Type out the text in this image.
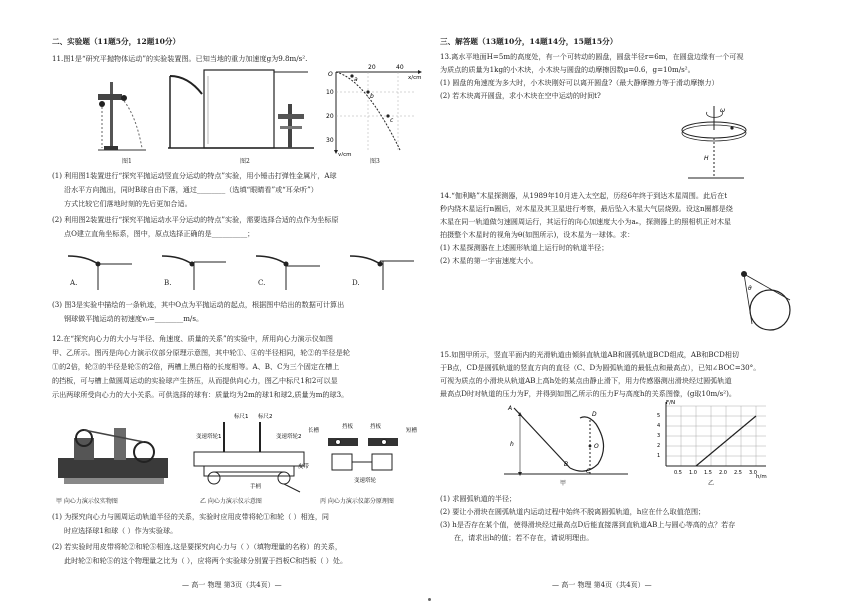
二、实验题（11题5分，12题10分）
11.图1是“研究平抛物体运动”的实验装置图。已知当地的重力加速度g为9.8m/s².
20	40
x/cm
10
20
30
y/cm
O
a
b
c
图1	图2	图3
(1) 利用图1装置进行“探究平抛运动竖直分运动的特点”实验，用小锤击打弹性金属片，A球
沿水平方向抛出，同时B球自由下落，通过________（选填“眼睛看”或“耳朵听”）
方式比较它们落地时刻的先后更加合适。
(2) 利用图2装置进行“探究平抛运动水平分运动的特点”实验，需要选择合适的点作为坐标原
点O建立直角坐标系，图中，原点选择正确的是__________；
A.	B.	C.	D.
(3) 图3是实验中描绘的一条轨迹，其中O点为平抛运动的起点，根据图中给出的数据可计算出
钢球做平抛运动的初速度v₀=________m/s。
12.在“探究向心力的大小与半径、角速度、质量的关系”的实验中，所用向心力演示仪如图
甲、乙所示。图丙是向心力演示仪部分原理示意图，其中轮①、④的半径相同，轮②的半径是轮
①的2倍，轮③的半径是轮⑤的2倍，两槽上黑白格的长度相等。A、B、C为三个固定在槽上
的挡板，可与槽上做圆周运动的实验球产生挤压，从而提供向心力，图乙中标尺1和2可以显
示出两球所受向心力的大小关系。可供选择的球有：质量均为2m的球1和球2,质量为m的球3。
标尺1 标尺2
变速塔轮1	变速塔轮2
皮带
手柄
长槽	短槽
挡板	挡板
变速塔轮
甲 向心力演示仪实物图	乙 向心力演示仪示意图	丙 向心力演示仪部分原理图
(1) 为探究向心力与圆周运动轨道半径的关系，实验时应用皮带将轮①和轮（ ）相连，同
时应选择球1和球（ ）作为实验球。
(2) 若实验时用皮带将轮②和轮⑤相连,这是要探究向心力与（ ）（填物理量的名称）的关系，
此时轮②和轮⑤的这个物理量之比为（ ），应将两个实验球分别置于挡板C和挡板（ ）处。
— 高一 物理 第3页（共4页）—
三、解答题（13题10分，14题14分，15题15分）
13.离水平地面H=5m的高度处，有一个可转动的圆盘，圆盘半径r=6m，在圆盘边缘有一个可视
为质点的质量为1kg的小木块，小木块与圆盘的动摩擦因数μ=0.6，g=10m/s²。
(1) 圆盘的角速度为多大时，小木块刚好可以离开圆盘?（最大静摩擦力等于滑动摩擦力）
(2) 若木块离开圆盘，求小木块在空中运动的时间t?
ω
H
14.“伽利略”木星探测器，从1989年10月进入太空起，历经6年终于到达木星周围。此后在t
秒内绕木星运行n圈后，对木星及其卫星进行考察，最后坠入木星大气层烧毁。设这n圈都是绕
木星在同一轨道做匀速圆周运行，其运行的向心加速度大小为aₙ，探测器上的照相机正对木星
拍摄整个木星时的视角为θ(如图所示)，设木星为一球体。求：
(1) 木星探测器在上述圆形轨道上运行时的轨道半径；
(2) 木星的第一宇宙速度大小。
θ
15.如图甲所示，竖直平面内的光滑轨道由倾斜直轨道AB和圆弧轨道BCD组成，AB和BCD相切
于B点，CD是圆弧轨道的竖直方向的直径（C、D为圆弧轨道的最低点和最高点），已知∠BOC=30°。
可视为质点的小滑块从轨道AB上高h处的某点由静止滑下，用力传感器测出滑块经过圆弧轨道
最高点D时对轨道的压力为F，并得到如图乙所示的压力F与高度h的关系图像，(g取10m/s²)。
A
B
C
D
O
h
F/N
h/m
5
4
3
2
1
0.5 1.0 1.5 2.0 2.5 3.0
甲	乙
(1) 求圆弧轨道的半径；
(2) 要让小滑块在圆弧轨道内运动过程中始终不脱离圆弧轨道，h应在什么取值范围；
(3) h是否存在某个值，使得滑块经过最高点D后能直接落到直轨道AB上与圆心等高的点？若存
在，请求出h的值；若不存在，请说明理由。
— 高一 物理 第4页（共4页）—
